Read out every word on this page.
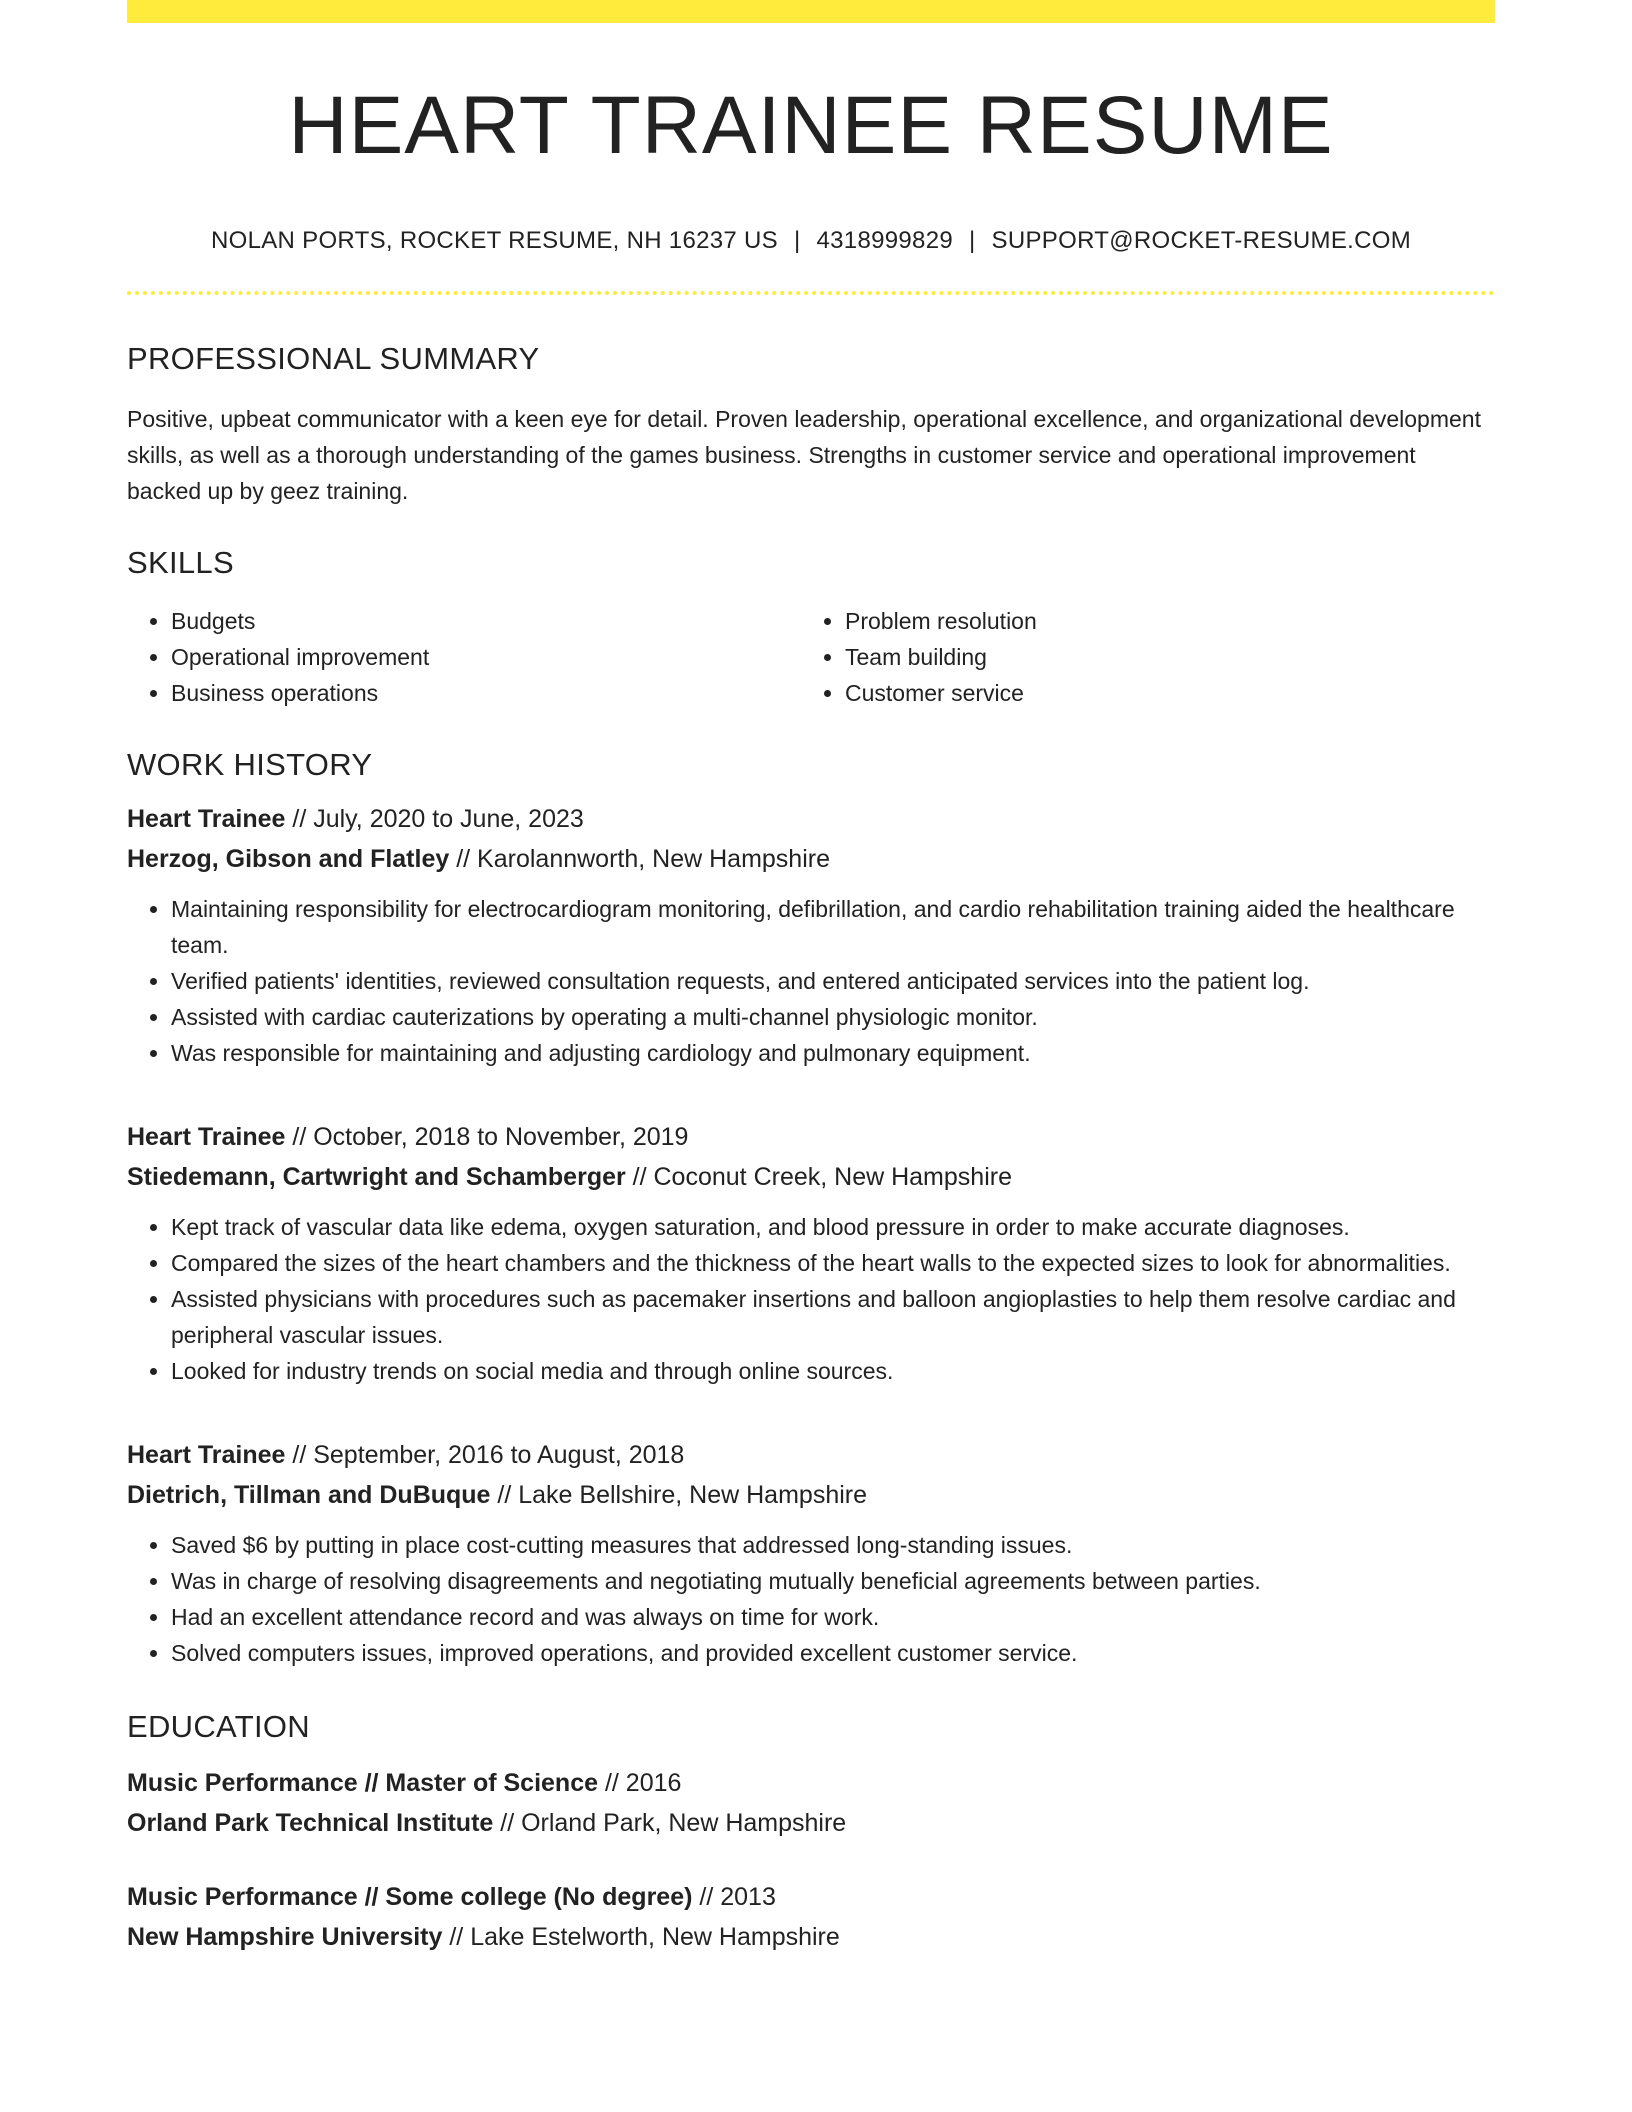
HEART TRAINEE RESUME
NOLAN PORTS, ROCKET RESUME, NH 16237 US | 4318999829 | SUPPORT@ROCKET-RESUME.COM
PROFESSIONAL SUMMARY
Positive, upbeat communicator with a keen eye for detail. Proven leadership, operational excellence, and organizational development skills, as well as a thorough understanding of the games business. Strengths in customer service and operational improvement backed up by geez training.
SKILLS
• Budgets
• Operational improvement
• Business operations
• Problem resolution
• Team building
• Customer service
WORK HISTORY
Heart Trainee // July, 2020 to June, 2023
Herzog, Gibson and Flatley // Karolannworth, New Hampshire
• Maintaining responsibility for electrocardiogram monitoring, defibrillation, and cardio rehabilitation training aided the healthcare team.
• Verified patients' identities, reviewed consultation requests, and entered anticipated services into the patient log.
• Assisted with cardiac cauterizations by operating a multi-channel physiologic monitor.
• Was responsible for maintaining and adjusting cardiology and pulmonary equipment.
Heart Trainee // October, 2018 to November, 2019
Stiedemann, Cartwright and Schamberger // Coconut Creek, New Hampshire
• Kept track of vascular data like edema, oxygen saturation, and blood pressure in order to make accurate diagnoses.
• Compared the sizes of the heart chambers and the thickness of the heart walls to the expected sizes to look for abnormalities.
• Assisted physicians with procedures such as pacemaker insertions and balloon angioplasties to help them resolve cardiac and peripheral vascular issues.
• Looked for industry trends on social media and through online sources.
Heart Trainee // September, 2016 to August, 2018
Dietrich, Tillman and DuBuque // Lake Bellshire, New Hampshire
• Saved $6 by putting in place cost-cutting measures that addressed long-standing issues.
• Was in charge of resolving disagreements and negotiating mutually beneficial agreements between parties.
• Had an excellent attendance record and was always on time for work.
• Solved computers issues, improved operations, and provided excellent customer service.
EDUCATION
Music Performance // Master of Science // 2016
Orland Park Technical Institute // Orland Park, New Hampshire
Music Performance // Some college (No degree) // 2013
New Hampshire University // Lake Estelworth, New Hampshire
